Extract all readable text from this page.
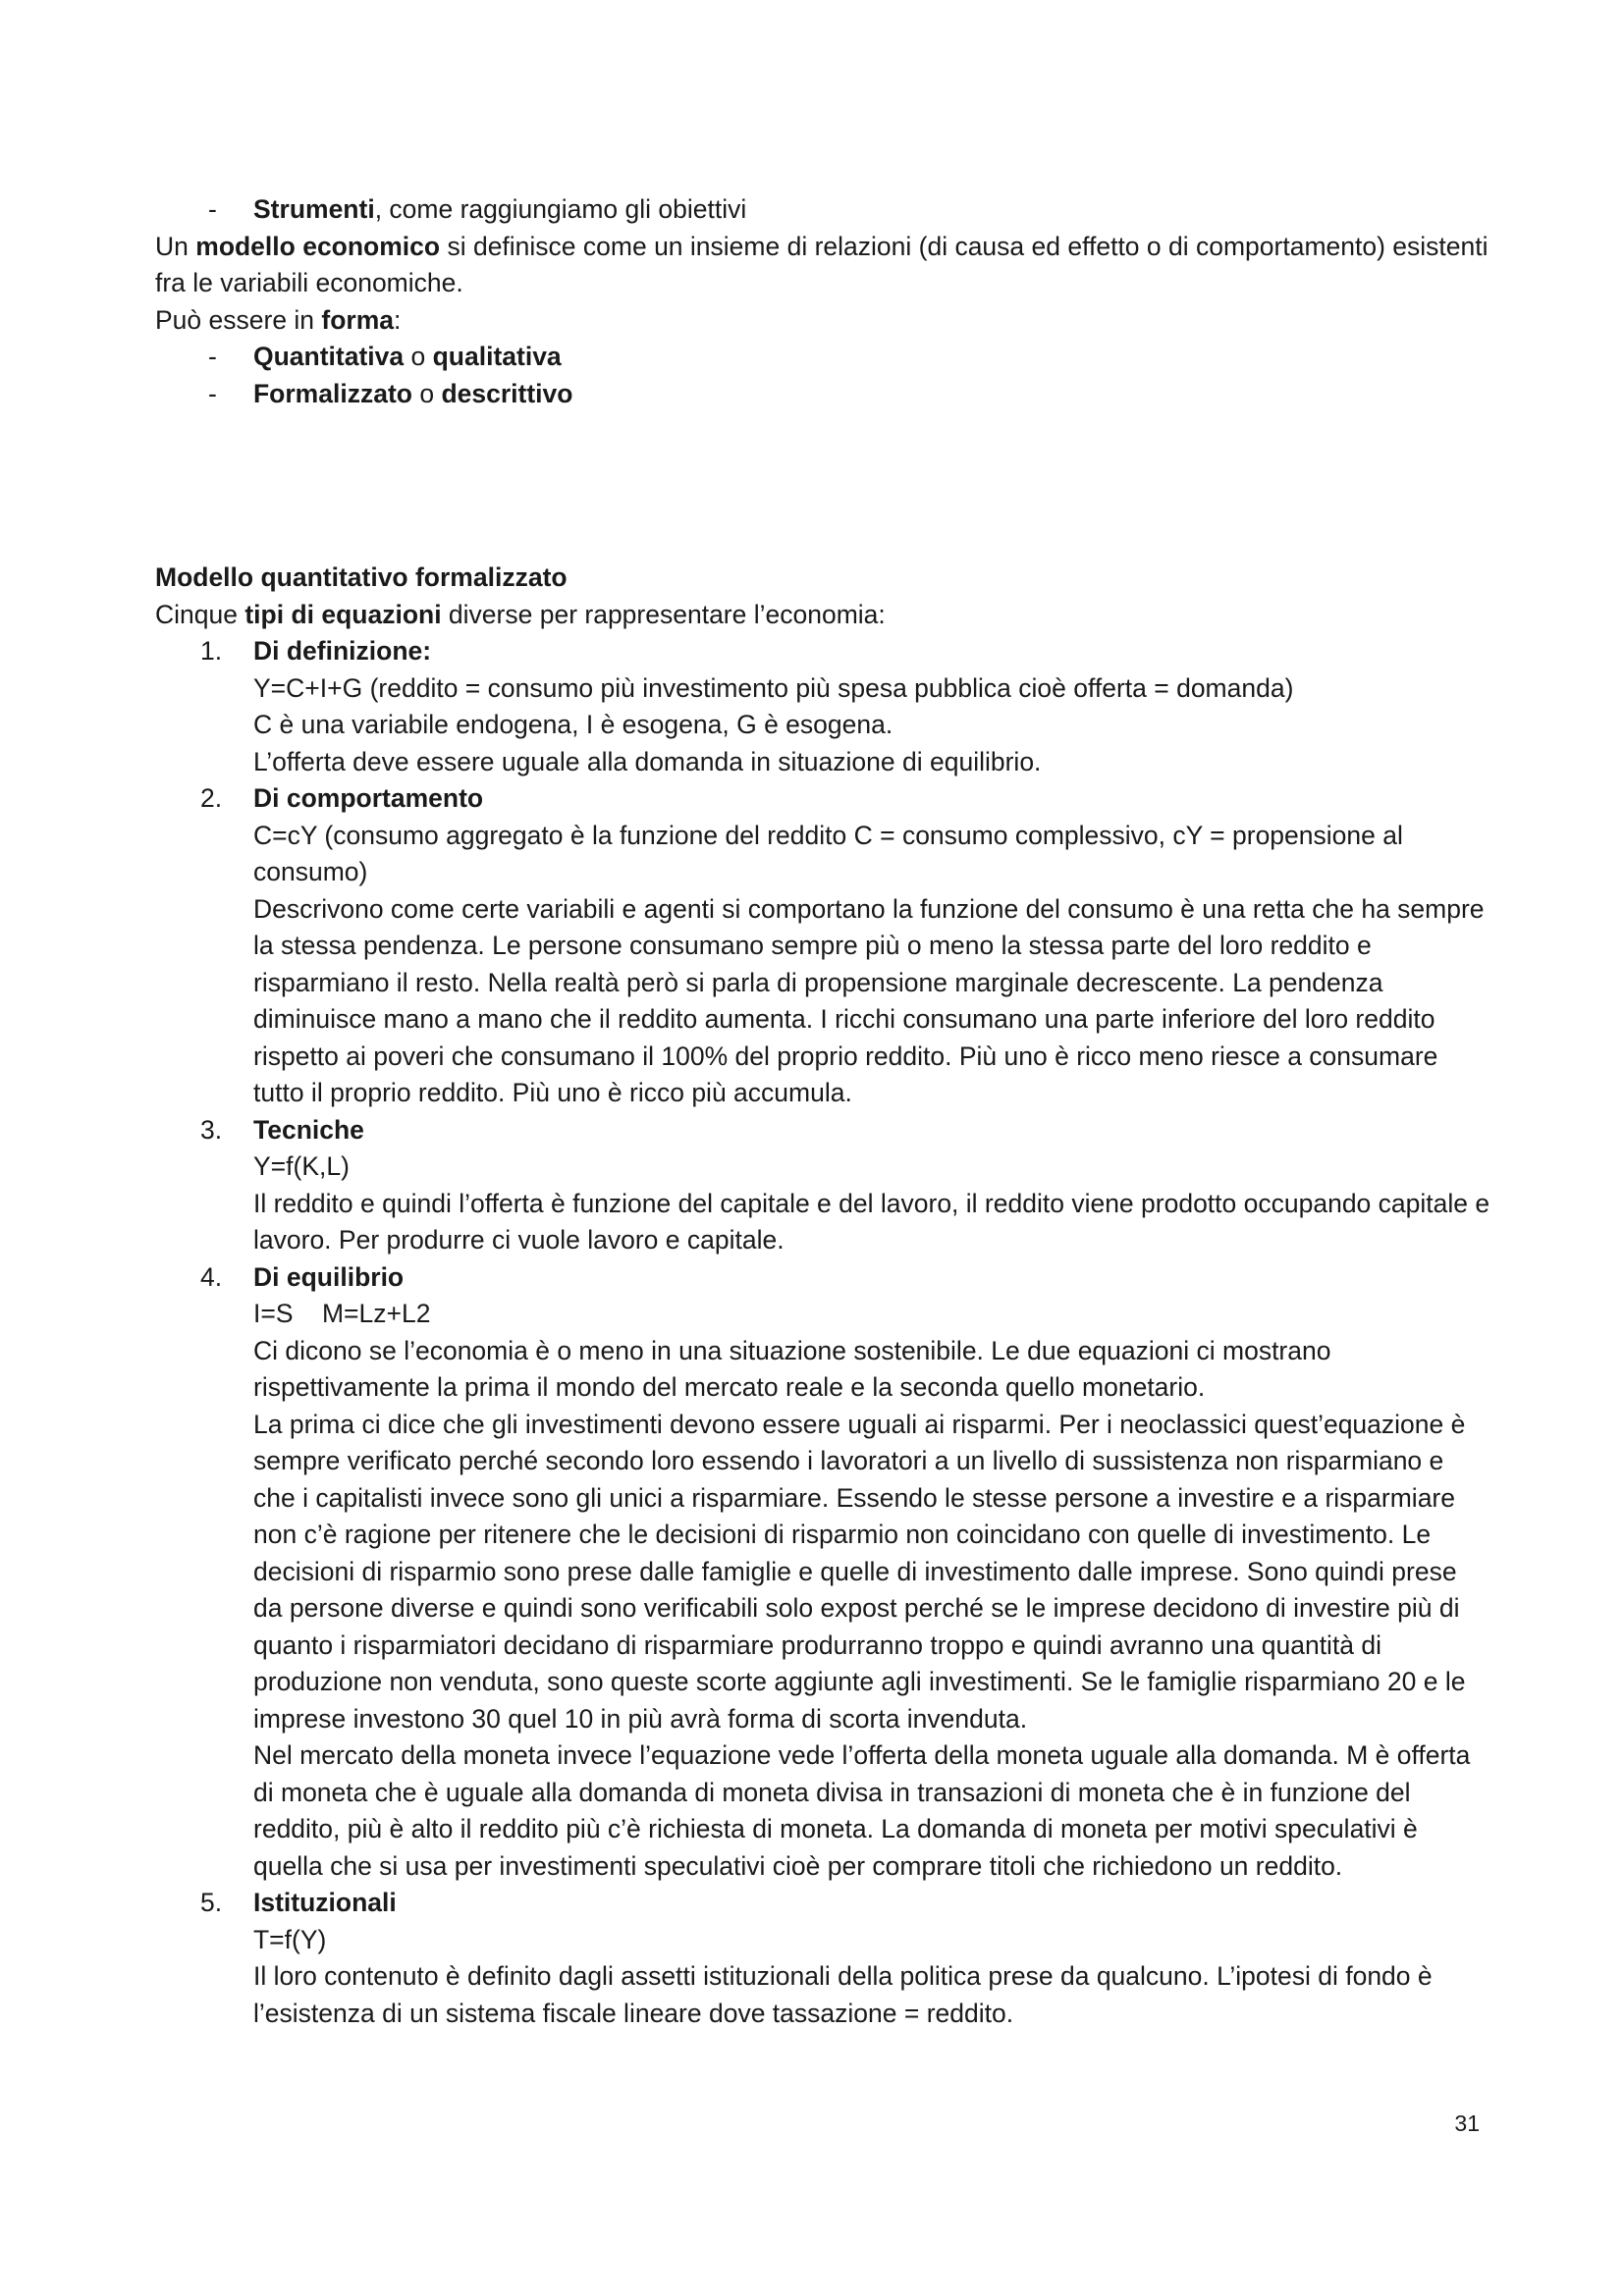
-	Strumenti, come raggiungiamo gli obiettivi
Un modello economico si definisce come un insieme di relazioni (di causa ed effetto o di comportamento) esistenti fra le variabili economiche.
Può essere in forma:
-	Quantitativa o qualitativa
-	Formalizzato o descrittivo
Modello quantitativo formalizzato
Cinque tipi di equazioni diverse per rappresentare l’economia:
1.	Di definizione:
Y=C+I+G (reddito = consumo più investimento più spesa pubblica cioè offerta = domanda)
C è una variabile endogena, I è esogena, G è esogena.
L’offerta deve essere uguale alla domanda in situazione di equilibrio.
2.	Di comportamento
C=cY (consumo aggregato è la funzione del reddito C = consumo complessivo, cY = propensione al consumo)
Descrivono come certe variabili e agenti si comportano la funzione del consumo è una retta che ha sempre la stessa pendenza. Le persone consumano sempre più o meno la stessa parte del loro reddito e risparmiano il resto. Nella realtà però si parla di propensione marginale decrescente. La pendenza diminuisce mano a mano che il reddito aumenta. I ricchi consumano una parte inferiore del loro reddito rispetto ai poveri che consumano il 100% del proprio reddito. Più uno è ricco meno riesce a consumare tutto il proprio reddito. Più uno è ricco più accumula.
3.	Tecniche
Y=f(K,L)
Il reddito e quindi l’offerta è funzione del capitale e del lavoro, il reddito viene prodotto occupando capitale e lavoro. Per produrre ci vuole lavoro e capitale.
4.	Di equilibrio
I=S    M=Lz+L2
Ci dicono se l’economia è o meno in una situazione sostenibile. Le due equazioni ci mostrano rispettivamente la prima il mondo del mercato reale e la seconda quello monetario.
La prima ci dice che gli investimenti devono essere uguali ai risparmi. Per i neoclassici quest’equazione è sempre verificato perché secondo loro essendo i lavoratori a un livello di sussistenza non risparmiano e che i capitalisti invece sono gli unici a risparmiare. Essendo le stesse persone a investire e a risparmiare non c’è ragione per ritenere che le decisioni di risparmio non coincidano con quelle di investimento. Le decisioni di risparmio sono prese dalle famiglie e quelle di investimento dalle imprese. Sono quindi prese da persone diverse e quindi sono verificabili solo expost perché se le imprese decidono di investire più di quanto i risparmiatori decidano di risparmiare produrranno troppo e quindi avranno una quantità di produzione non venduta, sono queste scorte aggiunte agli investimenti. Se le famiglie risparmiano 20 e le imprese investono 30 quel 10 in più avrà forma di scorta invenduta.
Nel mercato della moneta invece l’equazione vede l’offerta della moneta uguale alla domanda. M è offerta di moneta che è uguale alla domanda di moneta divisa in transazioni di moneta che è in funzione del reddito, più è alto il reddito più c’è richiesta di moneta. La domanda di moneta per motivi speculativi è quella che si usa per investimenti speculativi cioè per comprare titoli che richiedono un reddito.
5.	Istituzionali
T=f(Y)
Il loro contenuto è definito dagli assetti istituzionali della politica prese da qualcuno. L’ipotesi di fondo è l’esistenza di un sistema fiscale lineare dove tassazione = reddito.
31
